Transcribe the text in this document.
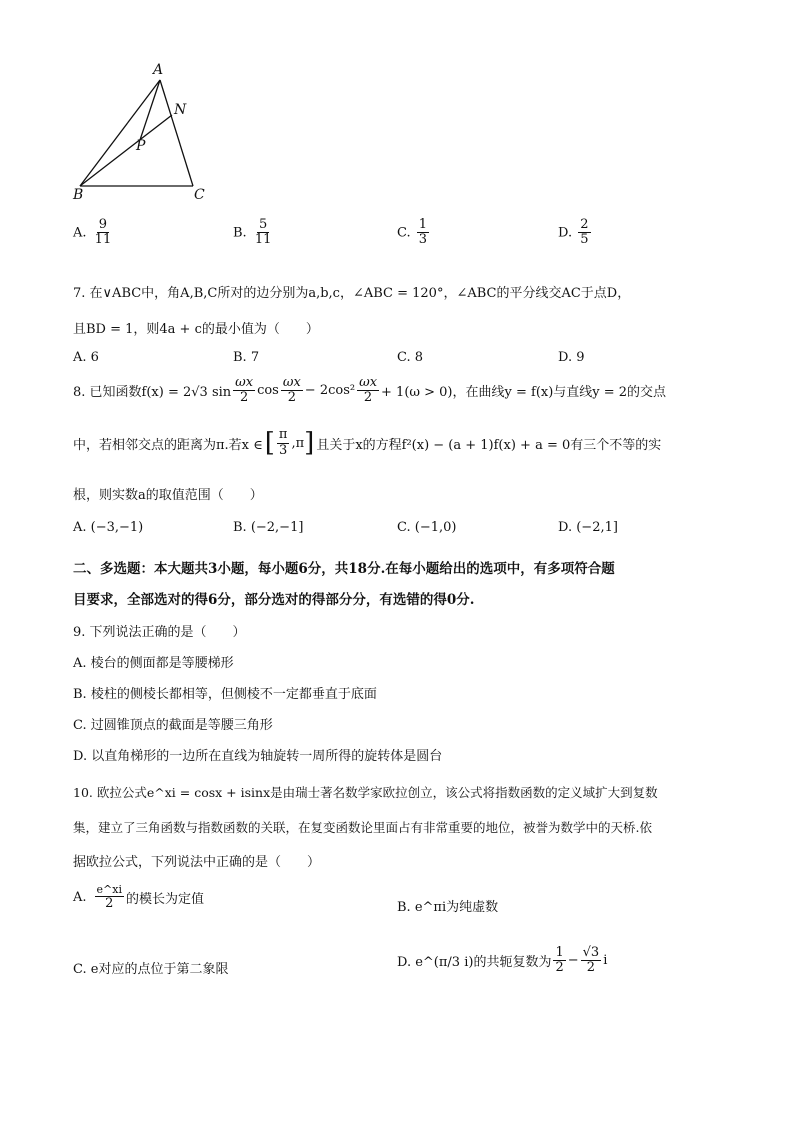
A
N
P
B	C
A. $\frac{9}{11}$	B. $\frac{5}{11}$	C. $\frac{1}{3}$	D. $\frac{2}{5}$
7. 在∨ABC中，角A,B,C所对的边分别为a,b,c，∠ABC = 120°，∠ABC的平分线交AC于点D，
且BD = 1，则4a + c的最小值为（　　）
A. 6	B. 7	C. 8	D. 9
8. 已知函数f(x) = 2√3 $\sin \frac{\omega x}{2}$ $\cos \frac{\omega x}{2} - 2\cos^2 \frac{\omega x}{2} + 1(\omega > 0)$，在曲线y = f(x)与直线y = 2的交点
中，若相邻交点的距离为π.若x ∈ [ $\frac{\pi}{3} ,\pi$ ] 且关于x的方程f²(x) − (a + 1)f(x) + a = 0有三个不等的实
根，则实数a的取值范围（　　）
A. (−3,−1)	B. (−2,−1]	C. (−1,0)	D. (−2,1]
二、多选题：本大题共3小题，每小题6分，共18分.在每小题给出的选项中，有多项符合题
目要求，全部选对的得6分，部分选对的得部分分，有选错的得0分.
9. 下列说法正确的是（　　）
A. 棱台的侧面都是等腰梯形
B. 棱柱的侧棱长都相等，但侧棱不一定都垂直于底面
C. 过圆锥顶点的截面是等腰三角形
D. 以直角梯形的一边所在直线为轴旋转一周所得的旋转体是圆台
10. 欧拉公式e^xi = cosx + isinx是由瑞士著名数学家欧拉创立，该公式将指数函数的定义域扩大到复数
集，建立了三角函数与指数函数的关联，在复变函数论里面占有非常重要的地位，被誉为数学中的天桥.依
据欧拉公式，下列说法中正确的是（　　）
A. $\frac{e\^{}xi}{2}$ 的模长为定值
B. e^πi为纯虚数
C. e对应的点位于第二象限	D. e^(π/3 i)的共轭复数为 $\frac{1}{2} - \frac{√3}{2}$ i
